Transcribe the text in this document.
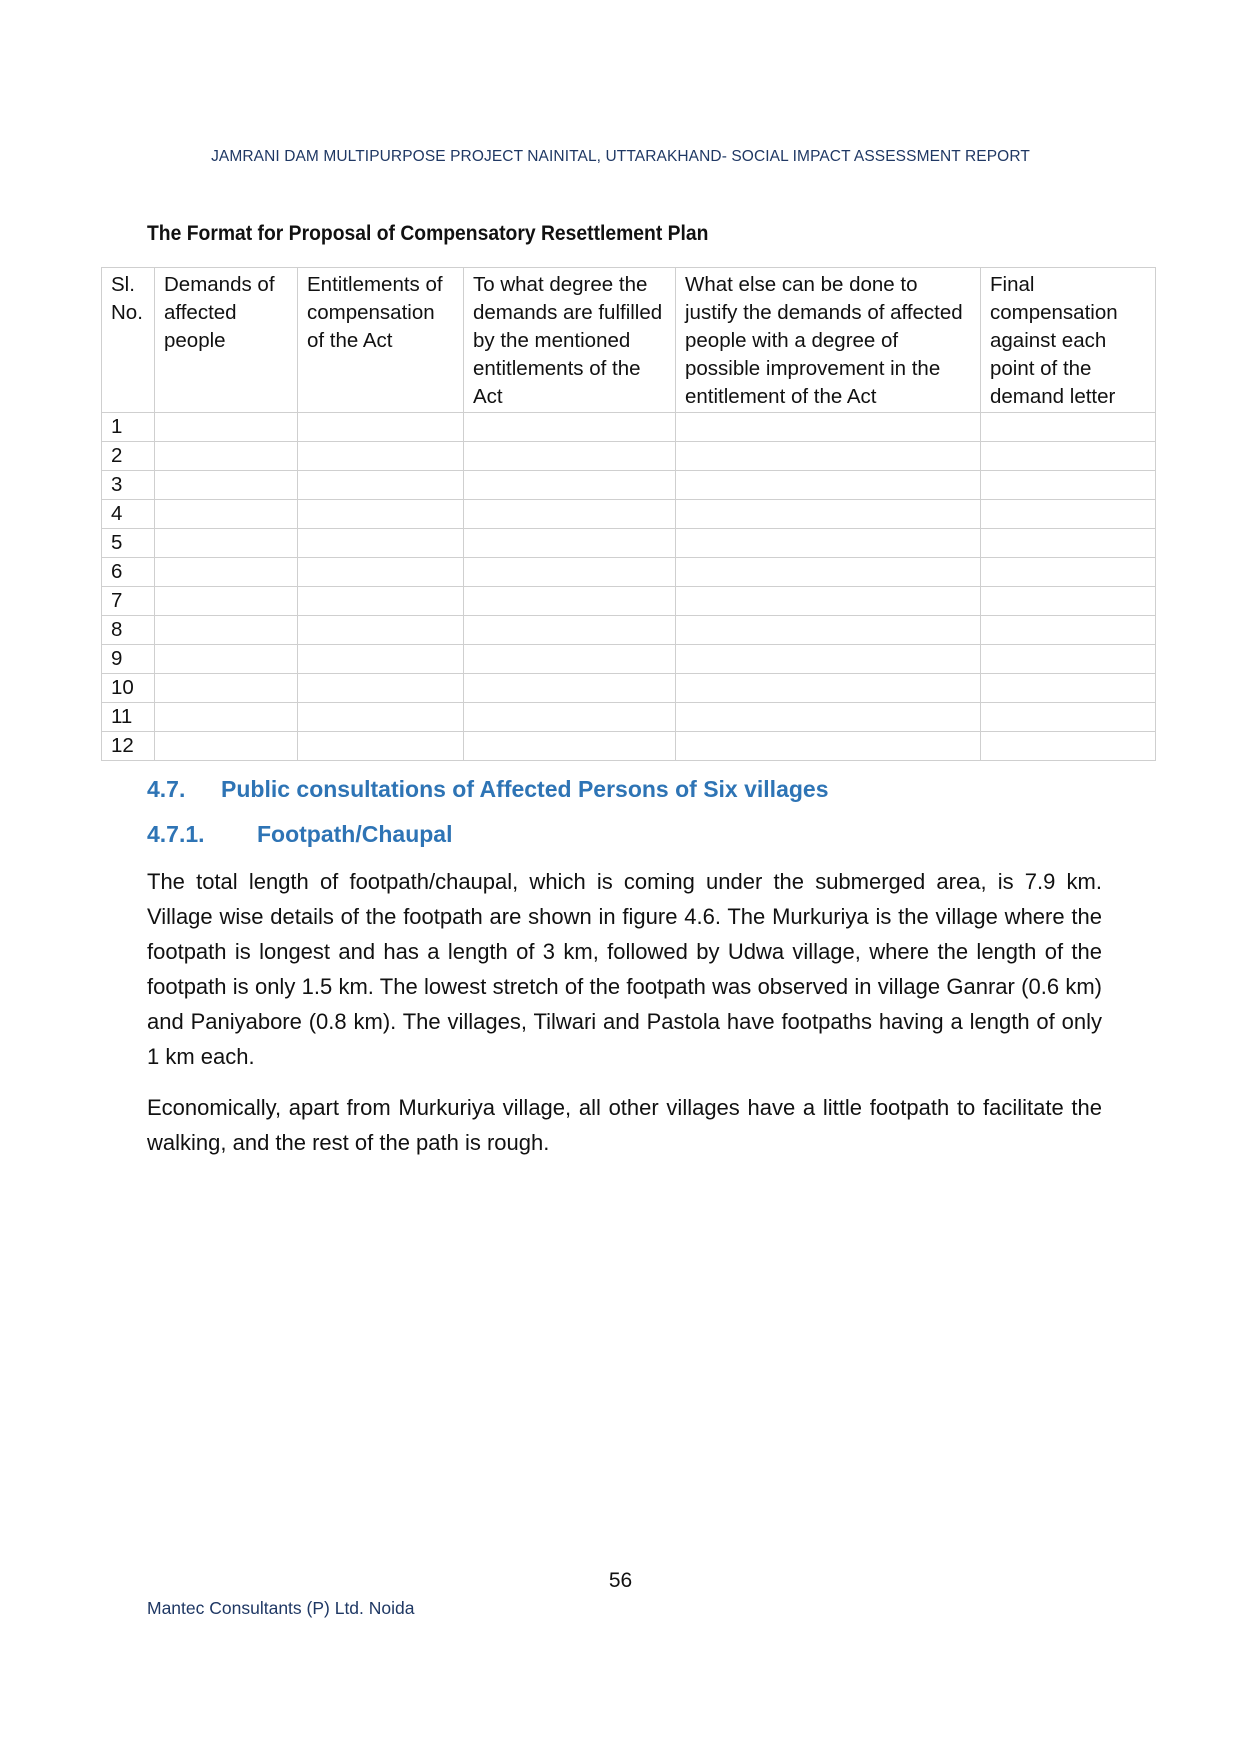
JAMRANI DAM MULTIPURPOSE PROJECT NAINITAL, UTTARAKHAND- SOCIAL IMPACT ASSESSMENT REPORT
The Format for Proposal of Compensatory Resettlement Plan
Sl.
No.	Demands of
affected
people	Entitlements of
compensation
of the Act	To what degree the
demands are fulfilled
by the mentioned
entitlements of the
Act	What else can be done to
justify the demands of affected
people with a degree of
possible improvement in the
entitlement of the Act	Final
compensation
against each
point of the
demand letter

1					
2					
3					
4					
5					
6					
7					
8					
9					
10					
11					
12					
4.7. Public consultations of Affected Persons of Six villages
4.7.1. Footpath/Chaupal
The total length of footpath/chaupal, which is coming under the submerged area, is 7.9 km. Village wise details of the footpath are shown in figure 4.6. The Murkuriya is the village where the footpath is longest and has a length of 3 km, followed by Udwa village, where the length of the footpath is only 1.5 km. The lowest stretch of the footpath was observed in village Ganrar (0.6 km) and Paniyabore (0.8 km). The villages, Tilwari and Pastola have footpaths having a length of only 1 km each.
Economically, apart from Murkuriya village, all other villages have a little footpath to facilitate the walking, and the rest of the path is rough.
56
Mantec Consultants (P) Ltd. Noida
